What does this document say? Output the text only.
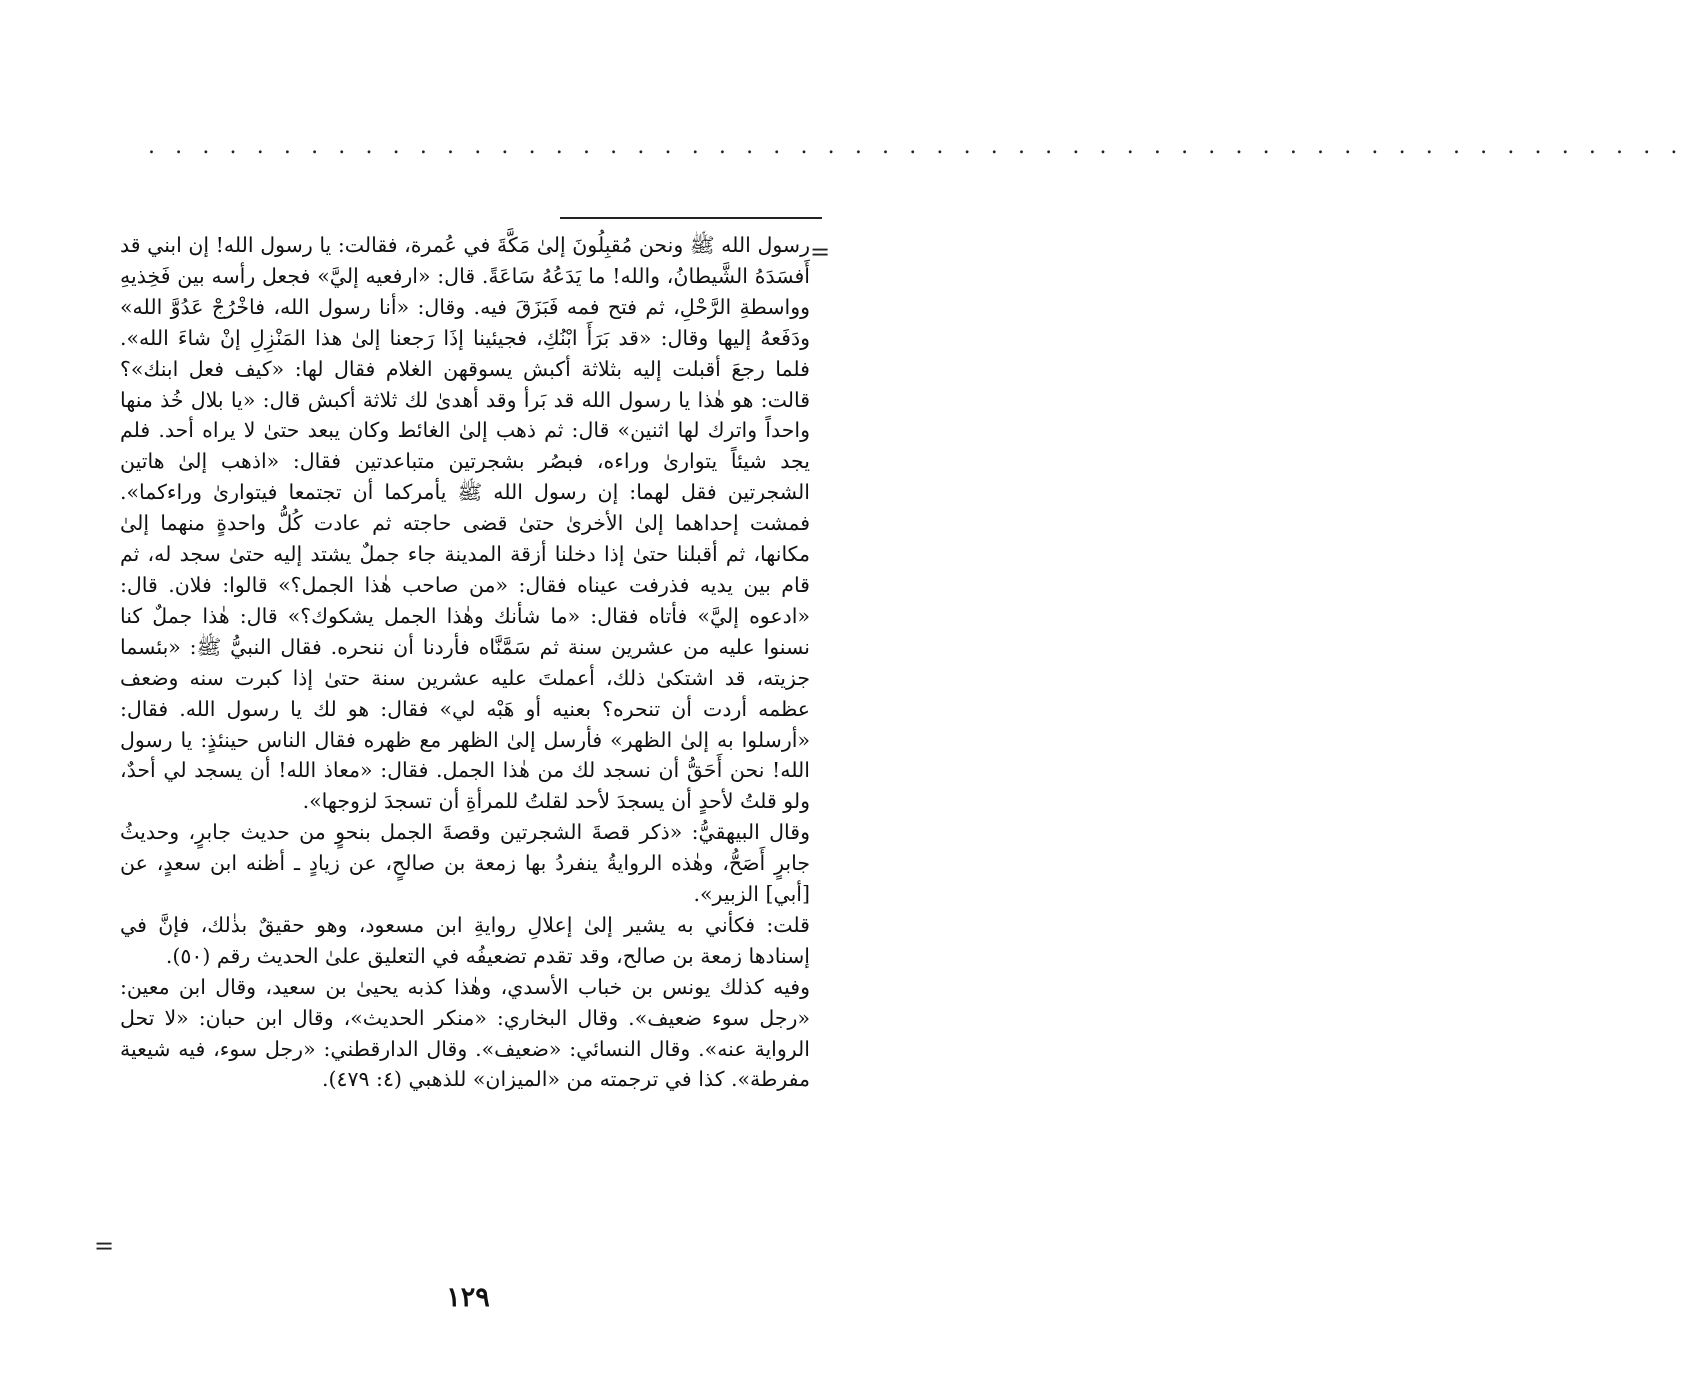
. . . . . . . . . . . . . . . . . . . . . . . . . . . . . . . . . . . . . . . . . . . . . . . . . . . . . . . . .
=

رسول الله ﷺ ونحن مُقبِلُونَ إلىٰ مَكَّةَ في عُمرة، فقالت: يا رسول الله! إن ابني قد أَفسَدَهُ الشَّيطانُ، والله! ما يَدَعُهُ سَاعَةً. قال: «ارفعيه إليَّ» فجعل رأسه بين فَخِذيهِ وواسطةِ الرَّحْلِ، ثم فتح فمه فَبَزَقَ فيه. وقال: «أنا رسول الله، فاخْرُجْ عَدُوَّ الله» ودَفَعهُ إليها وقال: «قد بَرَأَ ابْنُكِ، فجيئينا إذَا رَجعنا إلىٰ هذا المَنْزِلِ إنْ شاءَ الله». فلما رجعَ أقبلت إليه بثلاثة أكبش يسوقهن الغلام فقال لها: «كيف فعل ابنك»؟ قالت: هو هٰذا يا رسول الله قد بَرأ وقد أهدىٰ لك ثلاثة أكبش قال: «يا بلال خُذ منها واحداً واترك لها اثنين» قال: ثم ذهب إلىٰ الغائط وكان يبعد حتىٰ لا يراه أحد. فلم يجد شيئاً يتوارىٰ وراءه، فبصُر بشجرتين متباعدتين فقال: «اذهب إلىٰ هاتين الشجرتين فقل لهما: إن رسول الله ﷺ يأمركما أن تجتمعا فيتوارىٰ وراءكما». فمشت إحداهما إلىٰ الأخرىٰ حتىٰ قضى حاجته ثم عادت كُلُّ واحدةٍ منهما إلىٰ مكانها، ثم أقبلنا حتىٰ إذا دخلنا أزقة المدينة جاء جملٌ يشتد إليه حتىٰ سجد له، ثم قام بين يديه فذرفت عيناه فقال: «من صاحب هٰذا الجمل؟» قالوا: فلان. قال: «ادعوه إليَّ» فأتاه فقال: «ما شأنك وهٰذا الجمل يشكوك؟» قال: هٰذا جملٌ كنا نسنوا عليه من عشرين سنة ثم سَمَّنَّاه فأردنا أن ننحره. فقال النبيُّ ﷺ: «بئسما جزيته، قد اشتكىٰ ذلك، أعملتَ عليه عشرين سنة حتىٰ إذا كبرت سنه وضعف عظمه أردت أن تنحره؟ بعنيه أو هَبْه لي» فقال: هو لك يا رسول الله. فقال: «أرسلوا به إلىٰ الظهر» فأرسل إلىٰ الظهر مع ظهره فقال الناس حينئذٍ: يا رسول الله! نحن أَحَقُّ أن نسجد لك من هٰذا الجمل. فقال: «معاذ الله! أن يسجد لي أحدٌ، ولو قلتُ لأحدٍ أن يسجدَ لأحد لقلتُ للمرأةِ أن تسجدَ لزوجها».

وقال البيهقيُّ: «ذكر قصةَ الشجرتين وقصةَ الجمل بنحوٍ من حديث جابرٍ، وحديثُ جابرٍ أَصَحُّ، وهٰذه الروايةُ ينفردُ بها زمعة بن صالحٍ، عن زيادٍ ـ أظنه ابن سعدٍ، عن [أبي] الزبير».

قلت: فكأني به يشير إلىٰ إعلالِ روايةِ ابن مسعود، وهو حقيقٌ بذٰلك، فإنَّ في إسنادها زمعة بن صالح، وقد تقدم تضعيفُه في التعليق علىٰ الحديث رقم (٥٠).

وفيه كذلك يونس بن خباب الأسدي، وهٰذا كذبه يحيىٰ بن سعيد، وقال ابن معين: «رجل سوء ضعيف». وقال البخاري: «منكر الحديث»، وقال ابن حبان: «لا تحل الرواية عنه». وقال النسائي: «ضعيف». وقال الدارقطني: «رجل سوء، فيه شيعية مفرطة». كذا في ترجمته من «الميزان» للذهبي (٤: ٤٧٩).

=
١٢٩
